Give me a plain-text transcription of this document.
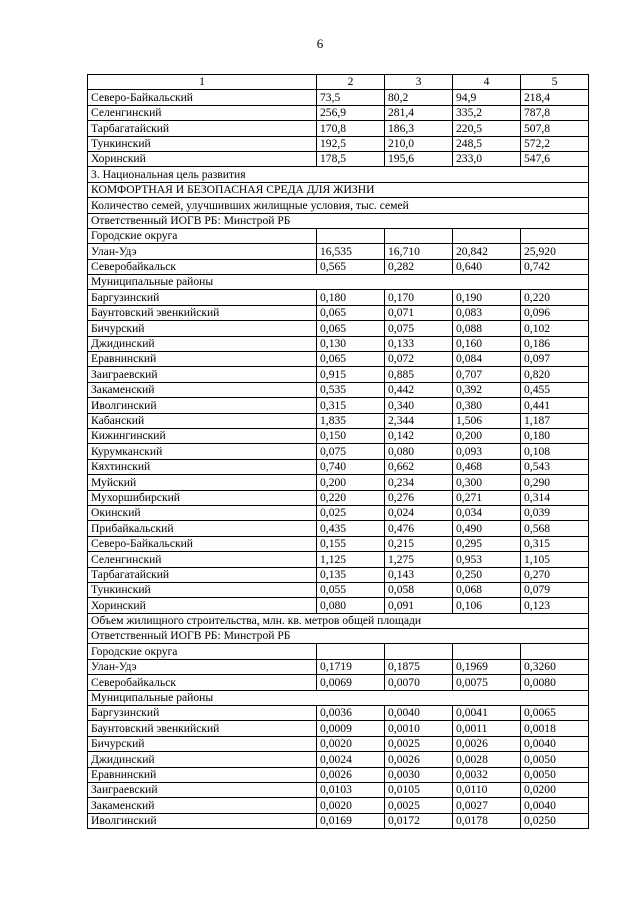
6
1	2	3	4	5
Северо-Байкальский	73,5	80,2	94,9	218,4
Селенгинский	256,9	281,4	335,2	787,8
Тарбагатайский	170,8	186,3	220,5	507,8
Тункинский	192,5	210,0	248,5	572,2
Хоринский	178,5	195,6	233,0	547,6
3. Национальная цель развития				
КОМФОРТНАЯ И БЕЗОПАСНАЯ СРЕДА ДЛЯ ЖИЗНИ				
Количество семей, улучшивших жилищные условия, тыс. семей				
Ответственный ИОГВ РБ: Минстрой РБ				
Городские округа				
Улан-Удэ	16,535	16,710	20,842	25,920
Северобайкальск	0,565	0,282	0,640	0,742
Муниципальные районы				
Баргузинский	0,180	0,170	0,190	0,220
Баунтовский эвенкийский	0,065	0,071	0,083	0,096
Бичурский	0,065	0,075	0,088	0,102
Джидинский	0,130	0,133	0,160	0,186
Еравнинский	0,065	0,072	0,084	0,097
Заиграевский	0,915	0,885	0,707	0,820
Закаменский	0,535	0,442	0,392	0,455
Иволгинский	0,315	0,340	0,380	0,441
Кабанский	1,835	2,344	1,506	1,187
Кижингинский	0,150	0,142	0,200	0,180
Курумканский	0,075	0,080	0,093	0,108
Кяхтинский	0,740	0,662	0,468	0,543
Муйский	0,200	0,234	0,300	0,290
Мухоршибирский	0,220	0,276	0,271	0,314
Окинский	0,025	0,024	0,034	0,039
Прибайкальский	0,435	0,476	0,490	0,568
Северо-Байкальский	0,155	0,215	0,295	0,315
Селенгинский	1,125	1,275	0,953	1,105
Тарбагатайский	0,135	0,143	0,250	0,270
Тункинский	0,055	0,058	0,068	0,079
Хоринский	0,080	0,091	0,106	0,123
Объем жилищного строительства, млн. кв. метров общей площади				
Ответственный ИОГВ РБ: Минстрой РБ				
Городские округа				
Улан-Удэ	0,1719	0,1875	0,1969	0,3260
Северобайкальск	0,0069	0,0070	0,0075	0,0080
Муниципальные районы				
Баргузинский	0,0036	0,0040	0,0041	0,0065
Баунтовский эвенкийский	0,0009	0,0010	0,0011	0,0018
Бичурский	0,0020	0,0025	0,0026	0,0040
Джидинский	0,0024	0,0026	0,0028	0,0050
Еравнинский	0,0026	0,0030	0,0032	0,0050
Заиграевский	0,0103	0,0105	0,0110	0,0200
Закаменский	0,0020	0,0025	0,0027	0,0040
Иволгинский	0,0169	0,0172	0,0178	0,0250
